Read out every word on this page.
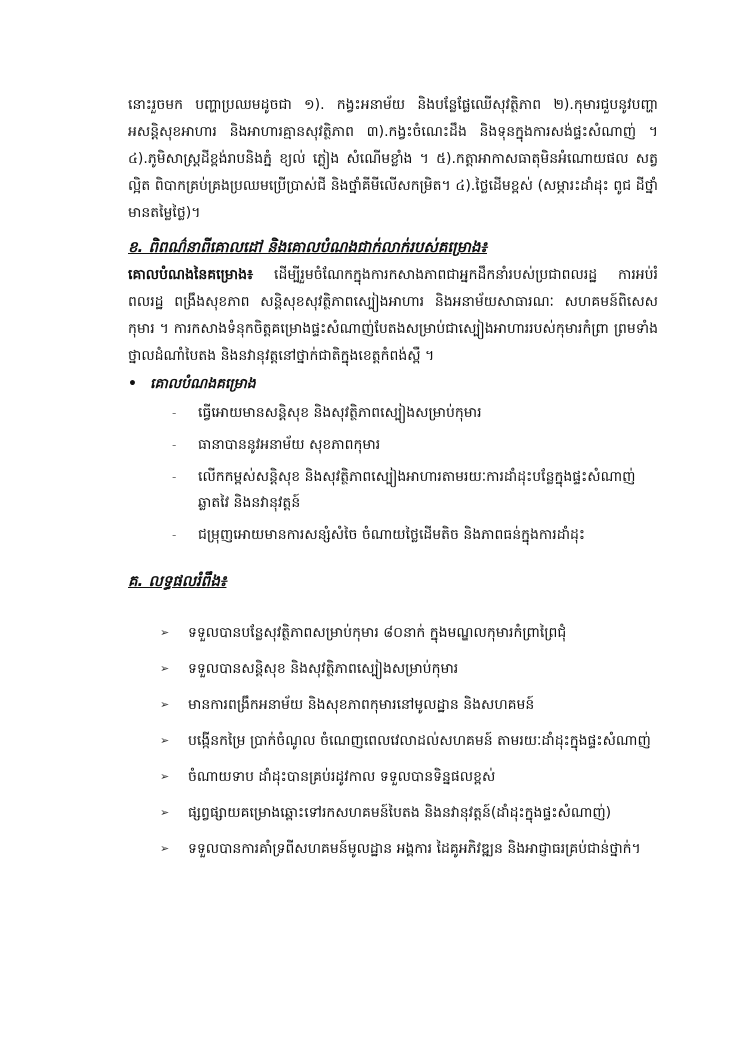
នោះរួចមក បញ្ហាប្រឈមដូចជា ១). កង្វះអនាម័យ និងបន្លែផ្លែឈើសុវត្ថិភាព ២).កុមារជួបនូវបញ្ហាអសន្តិសុខអាហារ និងអាហារគ្មានសុវត្ថិភាព ៣).កង្វះចំណេះដឹង និងទុនក្នុងការសង់ផ្ទះសំណាញ់ ។ ៤).ភូមិសាស្ត្រដីខ្ពង់រាបនិងភ្នំ ខ្យល់ ភ្លៀង សំណើមខ្លាំង ។ ៥).កត្តាអាកាសធាតុមិនអំណោយផល សត្វល្អិត ពិបាកគ្រប់គ្រងប្រឈមប្រើប្រាស់ជី និងថ្នាំគីមីលើសកម្រិត។ ៤).ថ្លៃដើមខ្ពស់ (សម្ភារះដាំដុះ ពូជ ដីថ្នាំ មានតម្លៃថ្លៃ)។
ខ. ពិពណ៌នាពីគោលដៅ និងគោលបំណងជាក់លាក់របស់គម្រោង៖
គោលបំណងនៃគម្រោង៖ ដើម្បីរួមចំណែកក្នុងការកសាងភាពជាអ្នកដឹកនាំរបស់ប្រជាពលរដ្ឋ ការអប់រំពលរដ្ឋ ពង្រឹងសុខភាព សន្តិសុខសុវត្ថិភាពស្បៀងអាហារ និងអនាម័យសាធារណៈ សហគមន៍ពិសេសកុមារ ។ ការកសាងទំនុកចិត្តគម្រោងផ្ទះសំណាញ់បែតងសម្រាប់ជាស្បៀងអាហាររបស់កុមារកំព្រា ព្រមទាំងថ្នាលដំណាំបៃតង និងនវានុវត្តនៅថ្នាក់ជាតិក្នុងខេត្តកំពង់ស្ពឺ ។
• គោលបំណងគម្រោង
- ធ្វើអោយមានសន្តិសុខ និងសុវត្ថិភាពស្បៀងសម្រាប់កុមារ
- ធានាបាននូវអនាម័យ សុខភាពកុមារ
- លើកកម្ពស់សន្តិសុខ និងសុវត្ថិភាពស្បៀងអាហារតាមរយៈការដាំដុះបន្លែក្នុងផ្ទះសំណាញ់ឆ្លាតវៃ និងនវានុវត្តន៍
- ជម្រុញអោយមានការសន្សំសំចៃ ចំណាយថ្លៃដើមតិច និងភាពធន់ក្នុងការដាំដុះ
គ. លទ្ធផលរំពឹង៖
➢ ទទួលបានបន្លែសុវត្ថិភាពសម្រាប់កុមារ ៨០នាក់ ក្នុងមណ្ឌលកុមារកំព្រាព្រៃជុំ
➢ ទទួលបានសន្តិសុខ និងសុវត្ថិភាពស្បៀងសម្រាប់កុមារ
➢ មានការពង្រឹកអនាម័យ និងសុខភាពកុមារនៅមូលដ្ឋាន និងសហគមន៍
➢ បង្កើនកម្រៃ ប្រាក់ចំណូល ចំណេញពេលវេលាដល់សហគមន៍ តាមរយៈដាំដុះក្នុងផ្ទះសំណាញ់
➢ ចំណាយទាប ដាំដុះបានគ្រប់រដូវកាល ទទួលបានទិន្នផលខ្ពស់
➢ ផ្សព្វផ្សាយគម្រោងឆ្ពោះទៅរកសហគមន៍បៃតង និងនវានុវត្តន៍(ដាំដុះក្នុងផ្ទះសំណាញ់)
➢ ទទួលបានការគាំទ្រពីសហគមន៍មូលដ្ឋាន អង្គការ ដៃគូអភិវឌ្ឍន និងអាជ្ញាធរគ្រប់ជាន់ថ្នាក់។
